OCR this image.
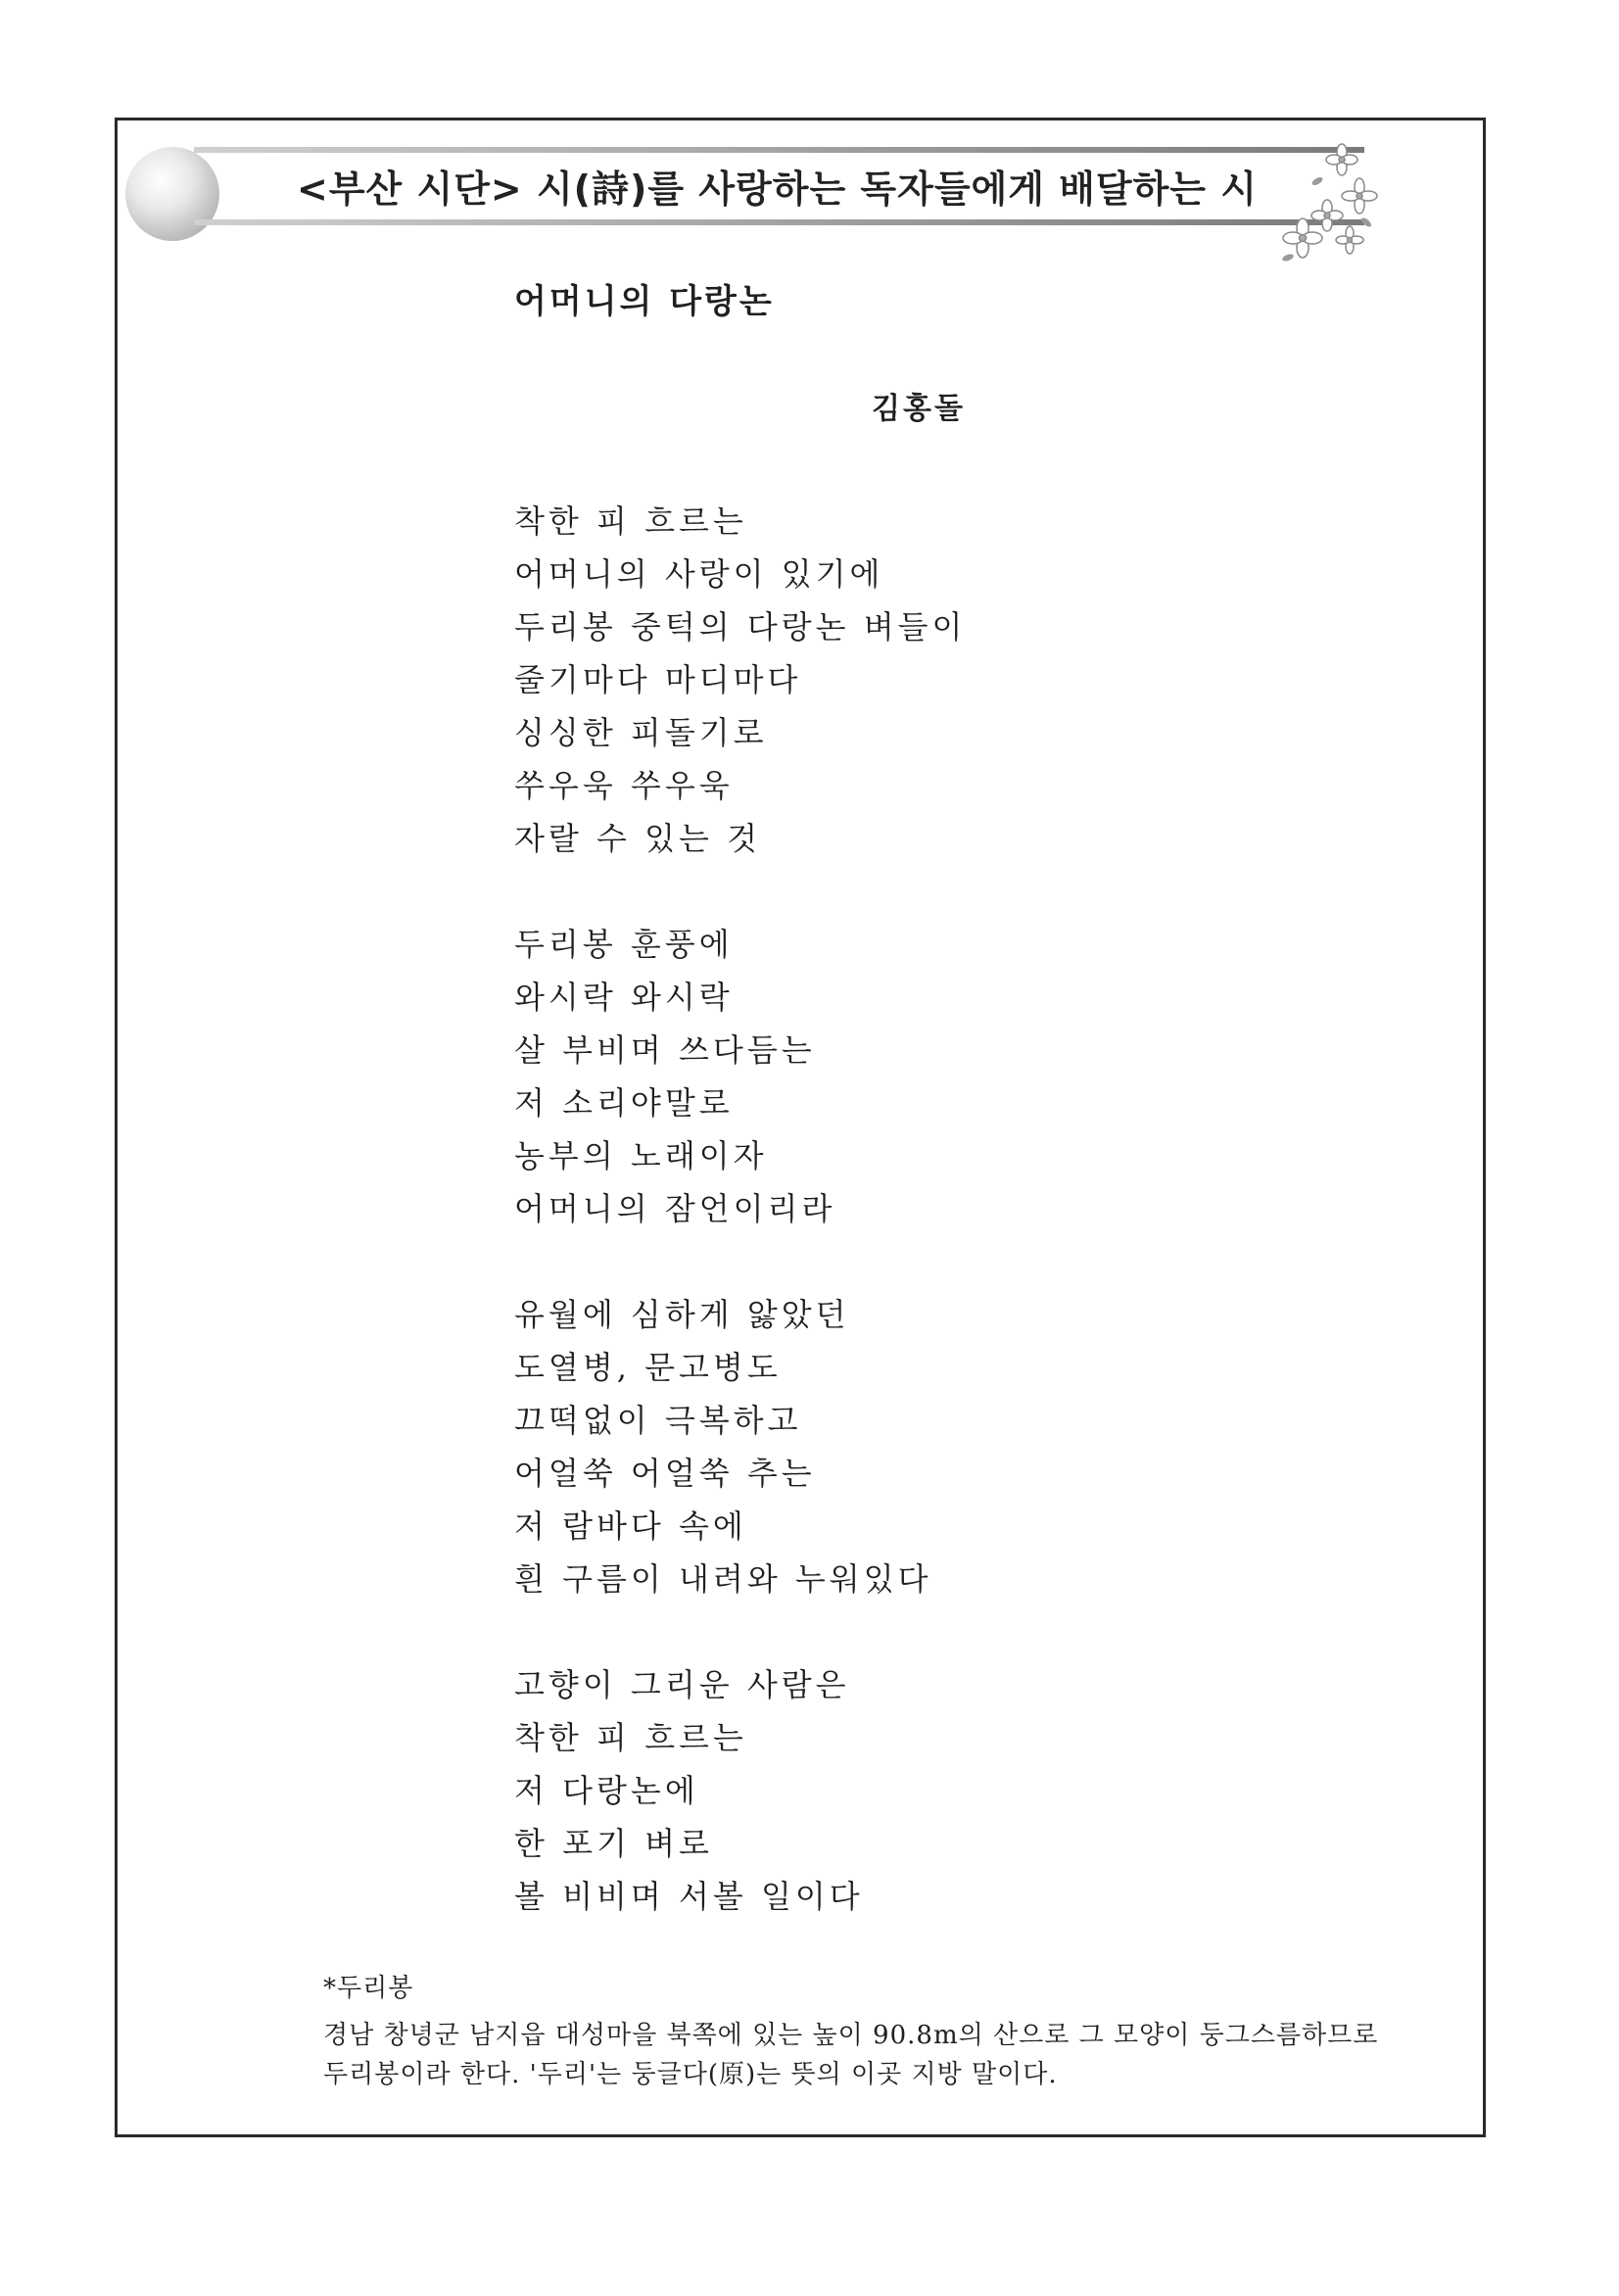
<부산 시단> 시(詩)를 사랑하는 독자들에게 배달하는 시
어머니의 다랑논
김홍돌
착한 피 흐르는
어머니의 사랑이 있기에
두리봉 중턱의 다랑논 벼들이
줄기마다 마디마다
싱싱한 피돌기로
쑤우욱 쑤우욱
자랄 수 있는 것
두리봉 훈풍에
와시락 와시락
살 부비며 쓰다듬는
저 소리야말로
농부의 노래이자
어머니의 잠언이리라
유월에 심하게 앓았던
도열병, 문고병도
끄떡없이 극복하고
어얼쑥 어얼쑥 추는
저 람바다 속에
흰 구름이 내려와 누워있다
고향이 그리운 사람은
착한 피 흐르는
저 다랑논에
한 포기 벼로
볼 비비며 서볼 일이다
*두리봉
경남 창녕군 남지읍 대성마을 북쪽에 있는 높이 90.8m의 산으로 그 모양이 둥그스름하므로
두리봉이라 한다. '두리'는 둥글다(原)는 뜻의 이곳 지방 말이다.
